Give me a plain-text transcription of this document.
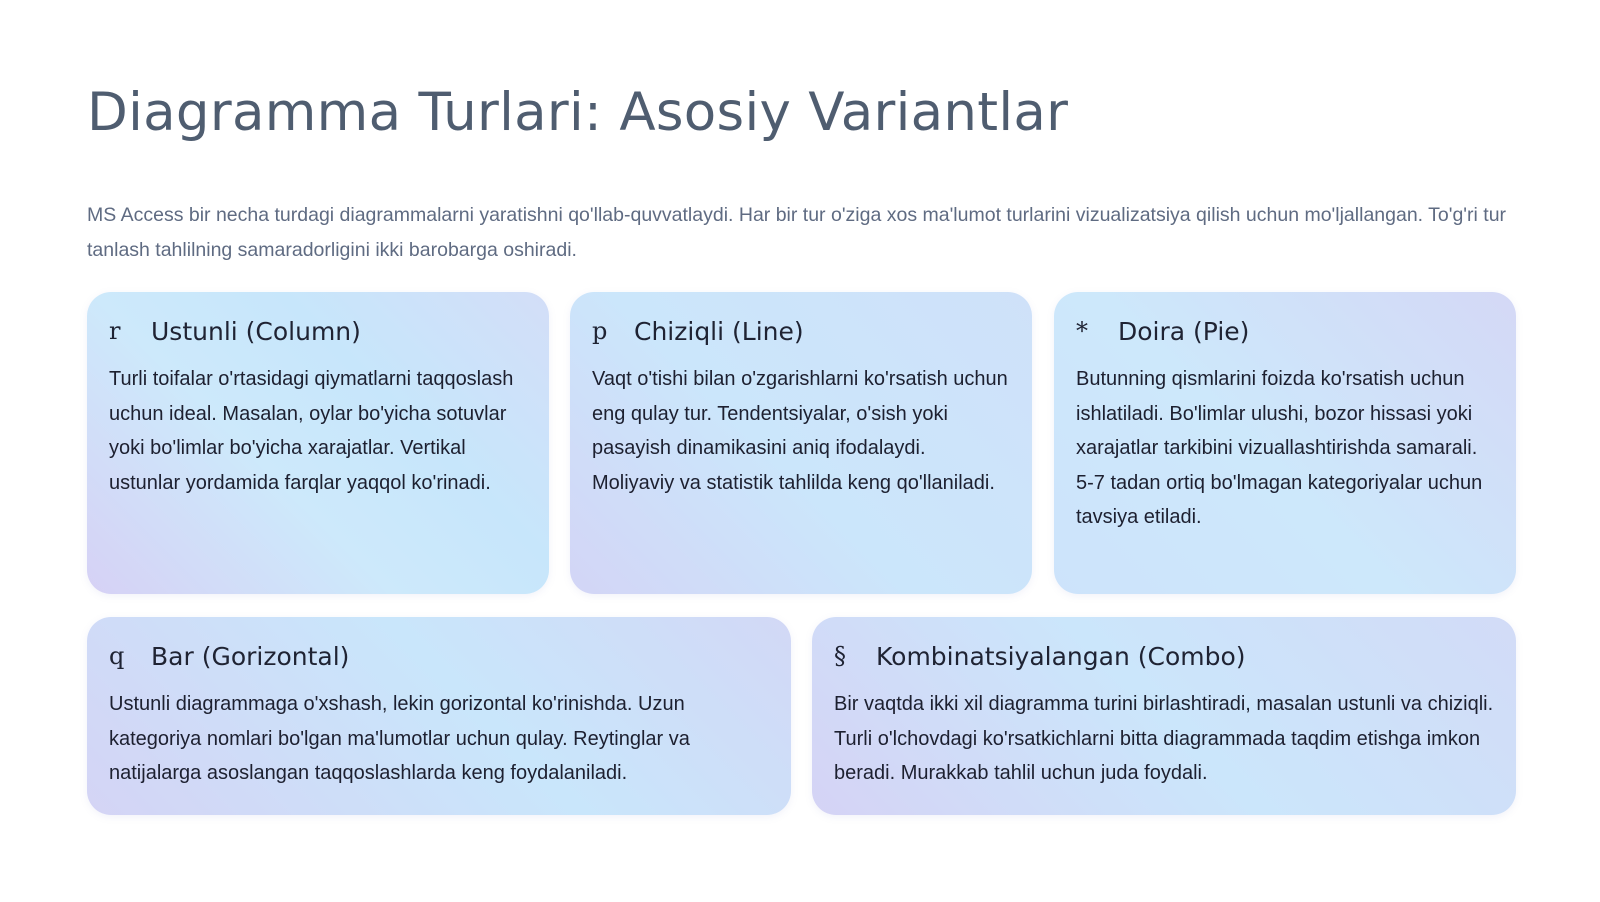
Diagramma Turlari: Asosiy Variantlar

MS Access bir necha turdagi diagrammalarni yaratishni qo'llab-quvvatlaydi. Har bir tur o'ziga xos ma'lumot turlarini vizualizatsiya qilish uchun mo'ljallangan. To'g'ri tur tanlash tahlilning samaradorligini ikki barobarga oshiradi.

r	Ustunli (Column)

Turli toifalar o'rtasidagi qiymatlarni taqqoslash uchun ideal. Masalan, oylar bo'yicha sotuvlar yoki bo'limlar bo'yicha xarajatlar. Vertikal ustunlar yordamida farqlar yaqqol ko'rinadi.

p	Chiziqli (Line)

Vaqt o'tishi bilan o'zgarishlarni ko'rsatish uchun eng qulay tur. Tendentsiyalar, o'sish yoki pasayish dinamikasini aniq ifodalaydi. Moliyaviy va statistik tahlilda keng qo'llaniladi.

*	Doira (Pie)

Butunning qismlarini foizda ko'rsatish uchun ishlatiladi. Bo'limlar ulushi, bozor hissasi yoki xarajatlar tarkibini vizuallashtirishda samarali. 5-7 tadan ortiq bo'lmagan kategoriyalar uchun tavsiya etiladi.

q	Bar (Gorizontal)

Ustunli diagrammaga o'xshash, lekin gorizontal ko'rinishda. Uzun kategoriya nomlari bo'lgan ma'lumotlar uchun qulay. Reytinglar va natijalarga asoslangan taqqoslashlarda keng foydalaniladi.

§	Kombinatsiyalangan (Combo)

Bir vaqtda ikki xil diagramma turini birlashtiradi, masalan ustunli va chiziqli. Turli o'lchovdagi ko'rsatkichlarni bitta diagrammada taqdim etishga imkon beradi. Murakkab tahlil uchun juda foydali.
